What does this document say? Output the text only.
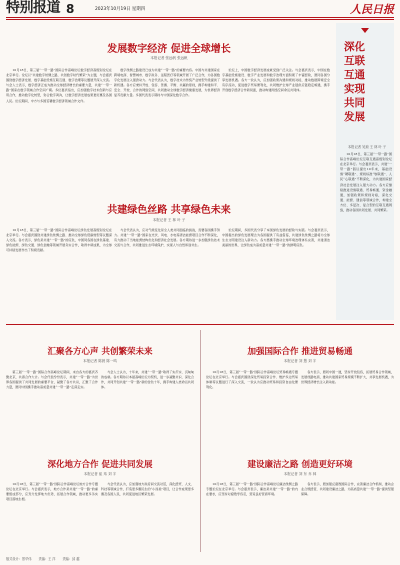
特别报道 8	2023年10月19日 星期四	人民日报
发展数字经济 促进全球增长
本报记者 张远帆 张远帆
　　10月18日，第三届“一带一路”国际合作高峰论坛数字经济高级别论坛在北京举行。论坛以“共建数字丝绸之路，共创数字时代繁荣”为主题，与会嘉宾围绕数字经济发展、数字基础设施互联互通、数字治理等议题展开深入交流。与会人士表示，数字经济正成为推动全球经济增长的重要力量，共建“一带一路”国家在数字领域合作空间广阔。多位嘉宾指出，应加强数字技术创新与应用合作，推动数字化转型，弥合数字鸿沟，让数字经济发展成果更好惠及各国人民。论坛期间，中方与多国签署数字经济领域合作文件。
　　数字丝绸之路建设已成为共建“一带一路”的重要内容。中国与共建国家在跨境电商、智慧城市、数字政务、远程医疗等领域开展了广泛合作，为各国数字化发展注入强劲动力。与会代表认为，数字技术为传统产业转型升级提供了新机遇。各方应秉持开放、包容、普惠、平衡、共赢的原则，携手构建和平、安全、开放、合作的网络空间，共同推动全球数字经济健康发展，为世界经济复苏贡献力量。多国代表表示期待与中国深化数字合作。
　　论坛上，中国数字经济发展成就受到广泛关注。与会嘉宾表示，中国在数字基础设施建设、数字产业发展和数字治理方面积累了丰富经验，愿同各国分享发展机遇。各方一致认为，应加强政策沟通和规则对接，推动数据跨境安全有序流动，促进数字贸易便利化，共同维护全球产业链供应链稳定畅通，携手开创数字经济合作新局面，推动构建网络空间命运共同体。
共建绿色丝路 共享绿色未来
本报记者 王 林 叶 子
　　10月18日，第三届“一带一路”国际合作高峰论坛绿色发展高级别论坛在北京举行。与会嘉宾围绕共建绿色丝绸之路、推动全球绿色低碳转型等议题深入交流。各方表示，绿色是共建“一带一路”的底色，中国同各国在绿色基建、绿色能源、绿色交通、绿色金融等领域开展务实合作，取得丰硕成果，为全球可持续发展作出了积极贡献。
　　与会代表认为，应对气候变化是全人类共同面临的挑战，需要各国携手努力。共建“一带一路”国家在光伏、风电、水电等清洁能源项目合作不断深化，有力推动了当地能源结构优化和经济社会发展。各方期待进一步加强绿色技术交流与合作，共同推进生态环境保护，实现人与自然和谐共生。
　　论坛期间，多国代表分享了本国绿色发展的经验与实践。与会嘉宾表示，中国提出的绿色发展理念为各国提供了有益借鉴，共建绿色丝绸之路将为全球生态文明建设注入新动力。各方愿携手推动全球环境治理体系完善，共建清洁美丽的世界，让绿色成为高质量共建“一带一路”的鲜明底色。
深化
互联
互通
实现
共同
发展
本报记者 吴琼 王 林 叶 子
　　10月18日，第三届“一带一路”国际合作高峰论坛互联互通高级别论坛在北京举行。与会嘉宾表示，共建“一带一路”倡议提出10年来，基础设施“硬联通”、规则标准“软联通”、人民“心联通”不断深化，为共建国家经济社会发展注入强大动力。各方应继续推进设施联通、贸易畅通、资金融通，加强政策和规则对接，深化交通、能源、通信等领域合作，构建全方位、多层次、复合型的互联互通网络，推动各国共同发展、共同繁荣。
汇聚各方心声 共创繁荣未来
本报记者 陈晨 陈一鸣
　　第三届“一带一路”国际合作高峰论坛期间，来自各方的嘉宾齐聚北京，共商合作大计。与会代表纷纷表示，共建“一带一路”为世界各国提供了共同发展的重要平台，凝聚了各方共识，汇聚了合作力量，愿同中国携手推动高质量共建“一带一路”走深走实。
　　与会人士认为，十年来，共建“一带一路”取得了实打实、沉甸甸的成就。各方期待以本届高峰论坛为契机，进一步凝聚共识、深化合作，共同开创共建“一带一路”新的金色十年，携手构建人类命运共同体。
加强国际合作 推进贸易畅通
本报记者 刘 慧 刘 宇
　　10月18日，第三届“一带一路”国际合作高峰论坛贸易畅通专题论坛在北京举行。与会嘉宾围绕深化贸易投资合作、维护多边贸易体制等议题进行了深入交流，一致认为应推动贸易和投资自由化便利化。
　　各方表示，愿同中国一道，坚持开放包容，拓展贸易合作领域，发展丝路电商，推动共建国家贸易规模不断扩大，共享发展机遇，为世界经济增长注入新动能。
深化地方合作 促进共同发展
本报记者 崔 玮 刘 宇
　　10月18日，第三届“一带一路”国际合作高峰论坛地方合作专题论坛在北京举行。与会嘉宾表示，地方合作是共建“一带一路”的重要组成部分，应充分发挥地方优势，拓展合作领域，推动更多务实项目落地生根。
　　与会代表认为，应加强地方政府间交流对话，深化经贸、人文、科技等领域合作，打造更多惠民生的“小而美”项目，让合作成果更多惠及各国人民，共同促进地区繁荣发展。
建设廉洁之路 创造更好环境
本报记者 刘 东 乔 林
　　10月18日，第三届“一带一路”国际合作高峰论坛廉洁丝绸之路专题论坛在北京举行。与会嘉宾表示，廉洁是共建“一带一路”的内在要求，应坚持对腐败零容忍，营造良好营商环境。
　　各方表示，愿加强反腐败国际合作，完善廉洁合作机制，推动企业合规经营，共同建设廉洁之路，为高质量共建“一带一路”提供坚强保障。
版式设计：蔡华伟 责编：王 洋 责编：邱 越
